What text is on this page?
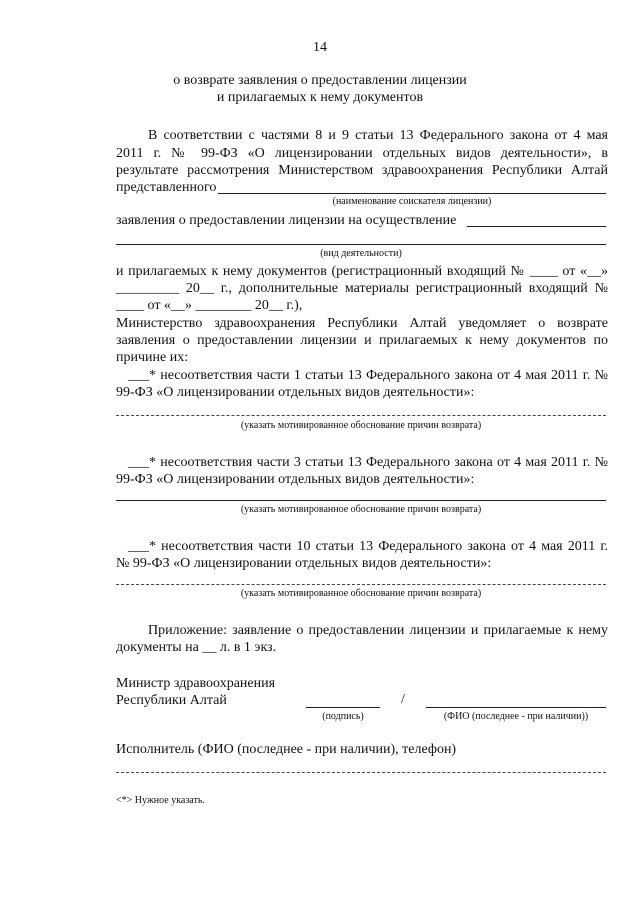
14
о возврате заявления о предоставлении лицензии
и прилагаемых к нему документов
В соответствии с частями 8 и 9 статьи 13 Федерального закона от 4 мая
2011 г. № 99-ФЗ «О лицензировании отдельных видов деятельности», в
результате рассмотрения Министерством здравоохранения Республики Алтай
представленного
(наименование соискателя лицензии)
заявления о предоставлении лицензии на осуществление
(вид деятельности)
и прилагаемых к нему документов (регистрационный входящий № ____ от «__»
_________ 20__ г., дополнительные материалы регистрационный входящий №
____ от «__» ________ 20__ г.),
Министерство здравоохранения Республики Алтай уведомляет о возврате
заявления о предоставлении лицензии и прилагаемых к нему документов по
причине их:
___* несоответствия части 1 статьи 13 Федерального закона от 4 мая 2011 г. №
99-ФЗ «О лицензировании отдельных видов деятельности»:
(указать мотивированное обоснование причин возврата)
___* несоответствия части 3 статьи 13 Федерального закона от 4 мая 2011 г. №
99-ФЗ «О лицензировании отдельных видов деятельности»:
(указать мотивированное обоснование причин возврата)
___* несоответствия части 10 статьи 13 Федерального закона от 4 мая 2011 г.
№ 99-ФЗ «О лицензировании отдельных видов деятельности»:
(указать мотивированное обоснование причин возврата)
Приложение: заявление о предоставлении лицензии и прилагаемые к нему
документы на __ л. в 1 экз.
Министр здравоохранения
Республики Алтай	/
(подпись)	(ФИО (последнее - при наличии))
Исполнитель (ФИО (последнее - при наличии), телефон)
<*> Нужное указать.
